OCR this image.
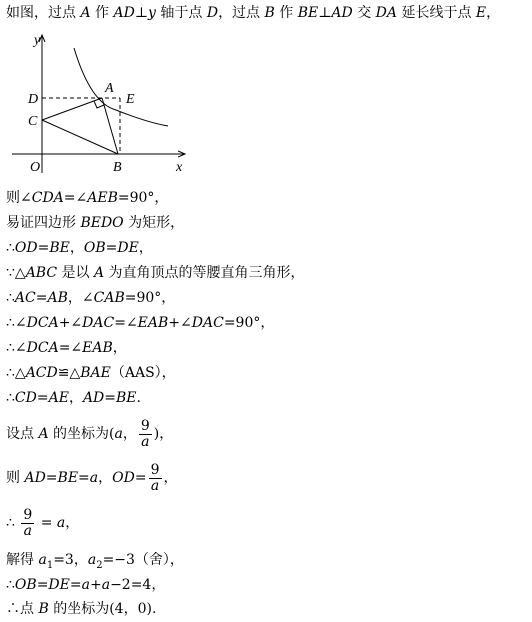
如图，过点 A 作 AD⊥y 轴于点 D，过点 B 作 BE⊥AD 交 DA 延长线于点 E，
y
x
O
A
B
C
D	E
则∠CDA=∠AEB=90°，
易证四边形 BEDO 为矩形，
∴OD=BE，OB=DE，
∵△ABC 是以 A 为直角顶点的等腰直角三角形，
∴AC=AB，∠CAB=90°，
∴∠DCA+∠DAC=∠EAB+∠DAC=90°，
∴∠DCA=∠EAB，
∴△ACD≌△BAE（AAS），
∴CD=AE，AD=BE.
设点 A 的坐标为(a， $\frac{9}{a}$ )，
则 AD=BE=a，$OD= \frac{9}{a}$ ，
∴ $\frac{9}{a} = a$，
解得 $a_1=3$，$a_2=-3$（舍），
∴OB=DE=a+a−2=4，
∴点 B 的坐标为(4，0).
